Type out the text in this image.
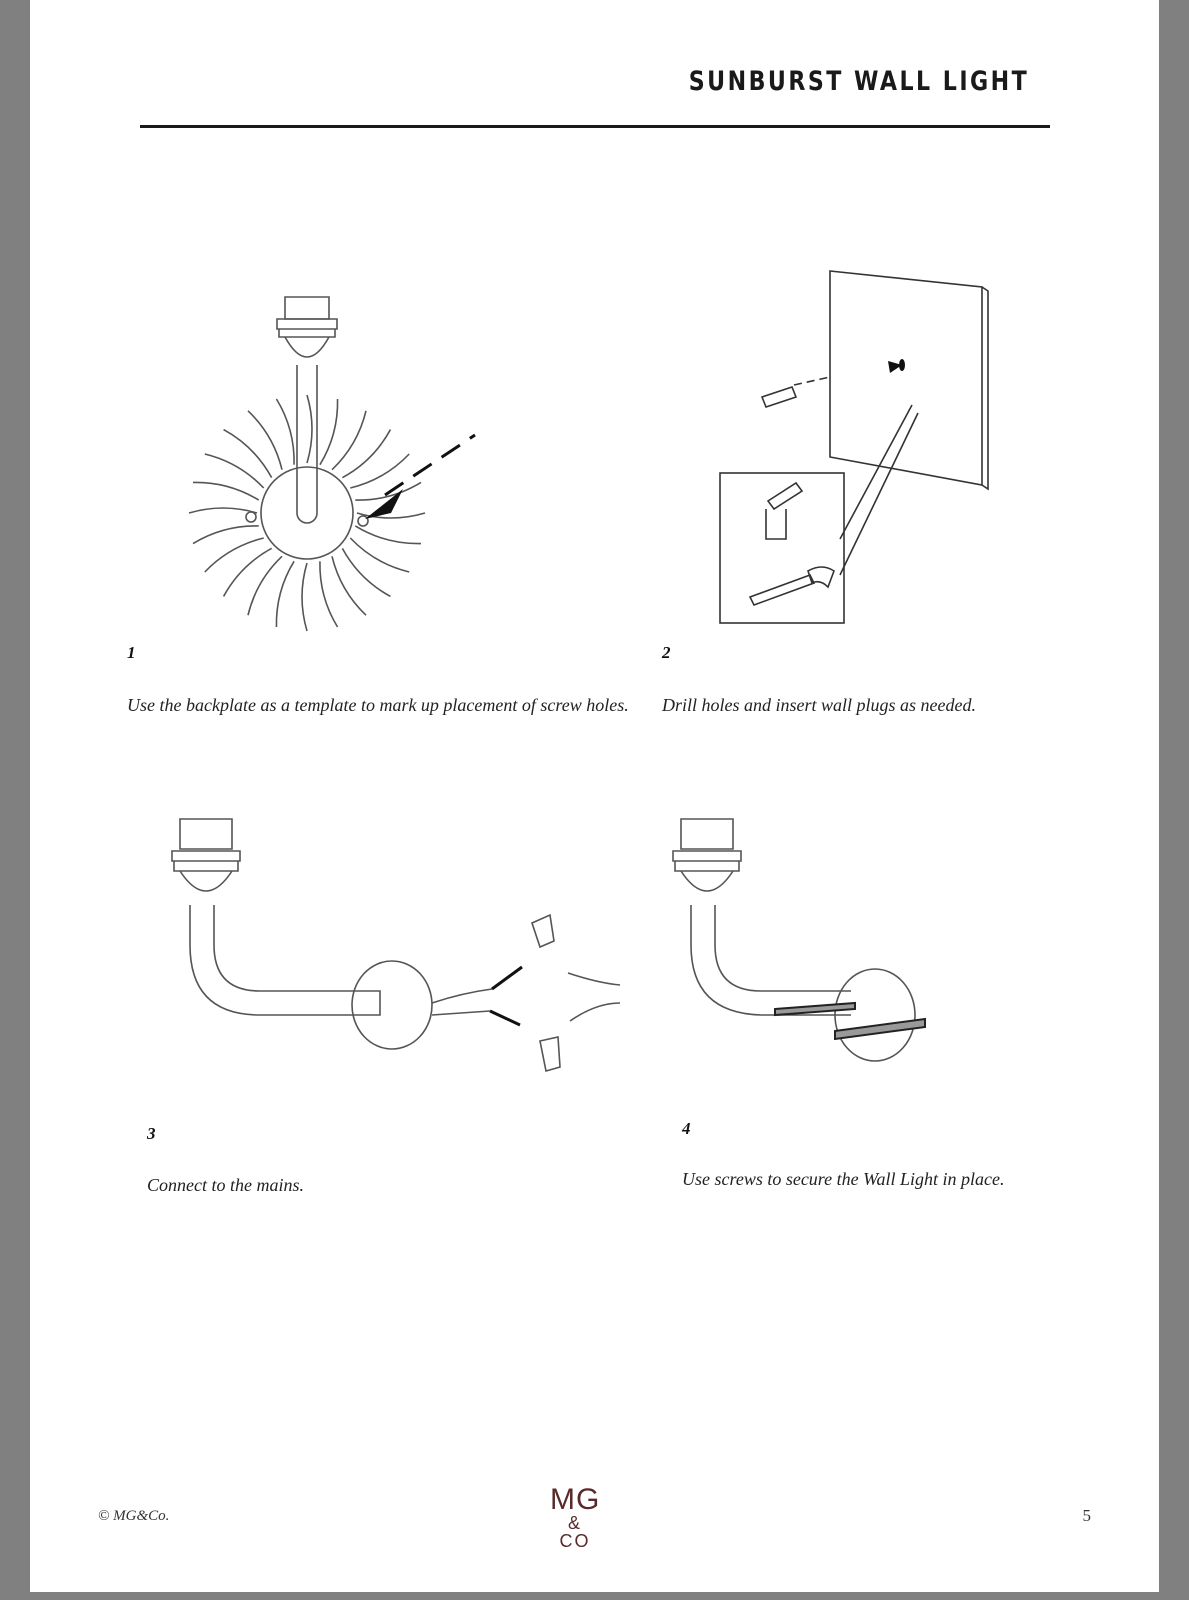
SUNBURST WALL LIGHT
1
Use the backplate as a template to mark up placement of screw holes.
2
Drill holes and insert wall plugs as needed.
3
Connect to the mains.
4
Use screws to secure the Wall Light in place.
© MG&Co.	MG
& CO
5
